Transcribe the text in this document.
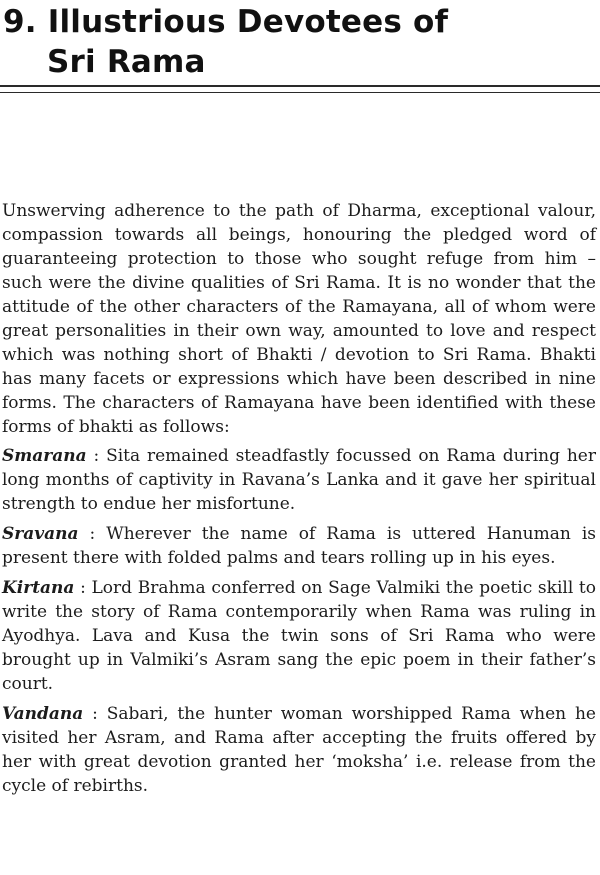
9. Illustrious Devotees of
Sri Rama

Unswerving adherence to the path of Dharma, exceptional valour, compassion towards all beings, honouring the pledged word of guaranteeing protection to those who sought refuge from him – such were the divine qualities of Sri Rama. It is no wonder that the attitude of the other characters of the Ramayana, all of whom were great personalities in their own way, amounted to love and respect which was nothing short of Bhakti / devotion to Sri Rama. Bhakti has many facets or expressions which have been described in nine forms. The characters of Ramayana have been identified with these forms of bhakti as follows:

Smarana : Sita remained steadfastly focussed on Rama during her long months of captivity in Ravana’s Lanka and it gave her spiritual strength to endue her misfortune.

Sravana : Wherever the name of Rama is uttered Hanuman is present there with folded palms and tears rolling up in his eyes.

Kirtana : Lord Brahma conferred on Sage Valmiki the poetic skill to write the story of Rama contemporarily when Rama was ruling in Ayodhya. Lava and Kusa the twin sons of Sri Rama who were brought up in Valmiki’s Asram sang the epic poem in their father’s court.

Vandana : Sabari, the hunter woman worshipped Rama when he visited her Asram, and Rama after accepting the fruits offered by her with great devotion granted her ‘moksha’ i.e. release from the cycle of rebirths.
